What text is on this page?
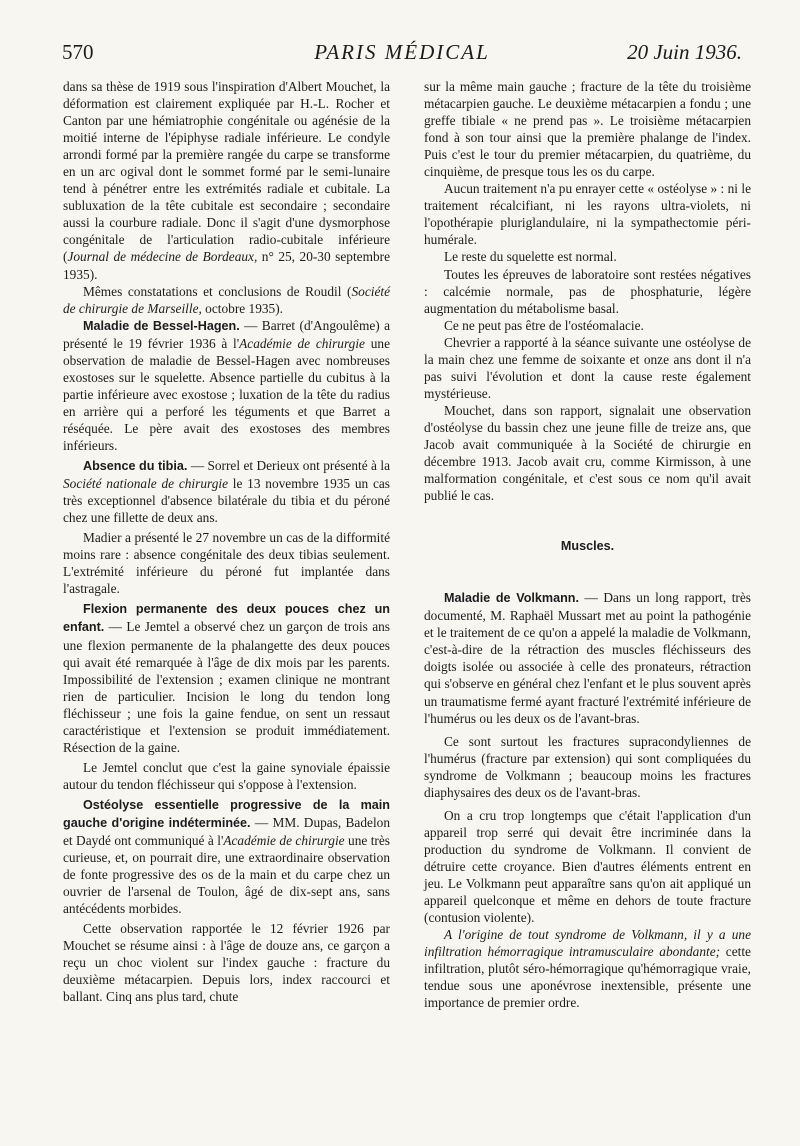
570	PARIS MÉDICAL	20 Juin 1936.

dans sa thèse de 1919 sous l'inspiration d'Albert Mouchet, la déformation est clairement expliquée par H.-L. Rocher et Canton par une hémiatrophie congénitale ou agénésie de la moitié interne de l'épiphyse radiale inférieure. Le condyle arrondi formé par la première rangée du carpe se transforme en un arc ogival dont le sommet formé par le semi-lunaire tend à pénétrer entre les extrémités radiale et cubitale. La subluxation de la tête cubitale est secondaire ; secondaire aussi la courbure radiale. Donc il s'agit d'une dysmorphose congénitale de l'articulation radio-cubitale inférieure (Journal de médecine de Bordeaux, n° 25, 20-30 septembre 1935).

Mêmes constatations et conclusions de Roudil (Société de chirurgie de Marseille, octobre 1935).

Maladie de Bessel-Hagen. — Barret (d'Angoulême) a présenté le 19 février 1936 à l'Académie de chirurgie une observation de maladie de Bessel-Hagen avec nombreuses exostoses sur le squelette. Absence partielle du cubitus à la partie inférieure avec exostose ; luxation de la tête du radius en arrière qui a perforé les téguments et que Barret a réséquée. Le père avait des exostoses des membres inférieurs.

Absence du tibia. — Sorrel et Derieux ont présenté à la Société nationale de chirurgie le 13 novembre 1935 un cas très exceptionnel d'absence bilatérale du tibia et du péroné chez une fillette de deux ans.

Madier a présenté le 27 novembre un cas de la difformité moins rare : absence congénitale des deux tibias seulement. L'extrémité inférieure du péroné fut implantée dans l'astragale.

Flexion permanente des deux pouces chez un enfant. — Le Jemtel a observé chez un garçon de trois ans une flexion permanente de la phalangette des deux pouces qui avait été remarquée à l'âge de dix mois par les parents. Impossibilité de l'extension ; examen clinique ne montrant rien de particulier. Incision le long du tendon long fléchisseur ; une fois la gaine fendue, on sent un ressaut caractéristique et l'extension se produit immédiatement. Résection de la gaine.

Le Jemtel conclut que c'est la gaine synoviale épaissie autour du tendon fléchisseur qui s'oppose à l'extension.

Ostéolyse essentielle progressive de la main gauche d'origine indéterminée. — MM. Dupas, Badelon et Daydé ont communiqué à l'Académie de chirurgie une très curieuse, et, on pourrait dire, une extraordinaire observation de fonte progressive des os de la main et du carpe chez un ouvrier de l'arsenal de Toulon, âgé de dix-sept ans, sans antécédents morbides.

Cette observation rapportée le 12 février 1926 par Mouchet se résume ainsi : à l'âge de douze ans, ce garçon a reçu un choc violent sur l'index gauche : fracture du deuxième métacarpien. Depuis lors, index raccourci et ballant. Cinq ans plus tard, chute

sur la même main gauche ; fracture de la tête du troisième métacarpien gauche. Le deuxième métacarpien a fondu ; une greffe tibiale « ne prend pas ». Le troisième métacarpien fond à son tour ainsi que la première phalange de l'index. Puis c'est le tour du premier métacarpien, du quatrième, du cinquième, de presque tous les os du carpe.

Aucun traitement n'a pu enrayer cette « ostéolyse » : ni le traitement récalcifiant, ni les rayons ultra-violets, ni l'opothérapie pluriglandulaire, ni la sympathectomie péri-humérale.

Le reste du squelette est normal.

Toutes les épreuves de laboratoire sont restées négatives : calcémie normale, pas de phosphaturie, légère augmentation du métabolisme basal.

Ce ne peut pas être de l'ostéomalacie.

Chevrier a rapporté à la séance suivante une ostéolyse de la main chez une femme de soixante et onze ans dont il n'a pas suivi l'évolution et dont la cause reste également mystérieuse.

Mouchet, dans son rapport, signalait une observation d'ostéolyse du bassin chez une jeune fille de treize ans, que Jacob avait communiquée à la Société de chirurgie en décembre 1913. Jacob avait cru, comme Kirmisson, à une malformation congénitale, et c'est sous ce nom qu'il avait publié le cas.

Muscles.

Maladie de Volkmann. — Dans un long rapport, très documenté, M. Raphaël Mussart met au point la pathogénie et le traitement de ce qu'on a appelé la maladie de Volkmann, c'est-à-dire de la rétraction des muscles fléchisseurs des doigts isolée ou associée à celle des pronateurs, rétraction qui s'observe en général chez l'enfant et le plus souvent après un traumatisme fermé ayant fracturé l'extrémité inférieure de l'humérus ou les deux os de l'avant-bras.

Ce sont surtout les fractures supracondyliennes de l'humérus (fracture par extension) qui sont compliquées du syndrome de Volkmann ; beaucoup moins les fractures diaphysaires des deux os de l'avant-bras.

On a cru trop longtemps que c'était l'application d'un appareil trop serré qui devait être incriminée dans la production du syndrome de Volkmann. Il convient de détruire cette croyance. Bien d'autres éléments entrent en jeu. Le Volkmann peut apparaître sans qu'on ait appliqué un appareil quelconque et même en dehors de toute fracture (contusion violente).

A l'origine de tout syndrome de Volkmann, il y a une infiltration hémorragique intramusculaire abondante; cette infiltration, plutôt séro-hémorragique qu'hémorragique vraie, tendue sous une aponévrose inextensible, présente une importance de premier ordre.
